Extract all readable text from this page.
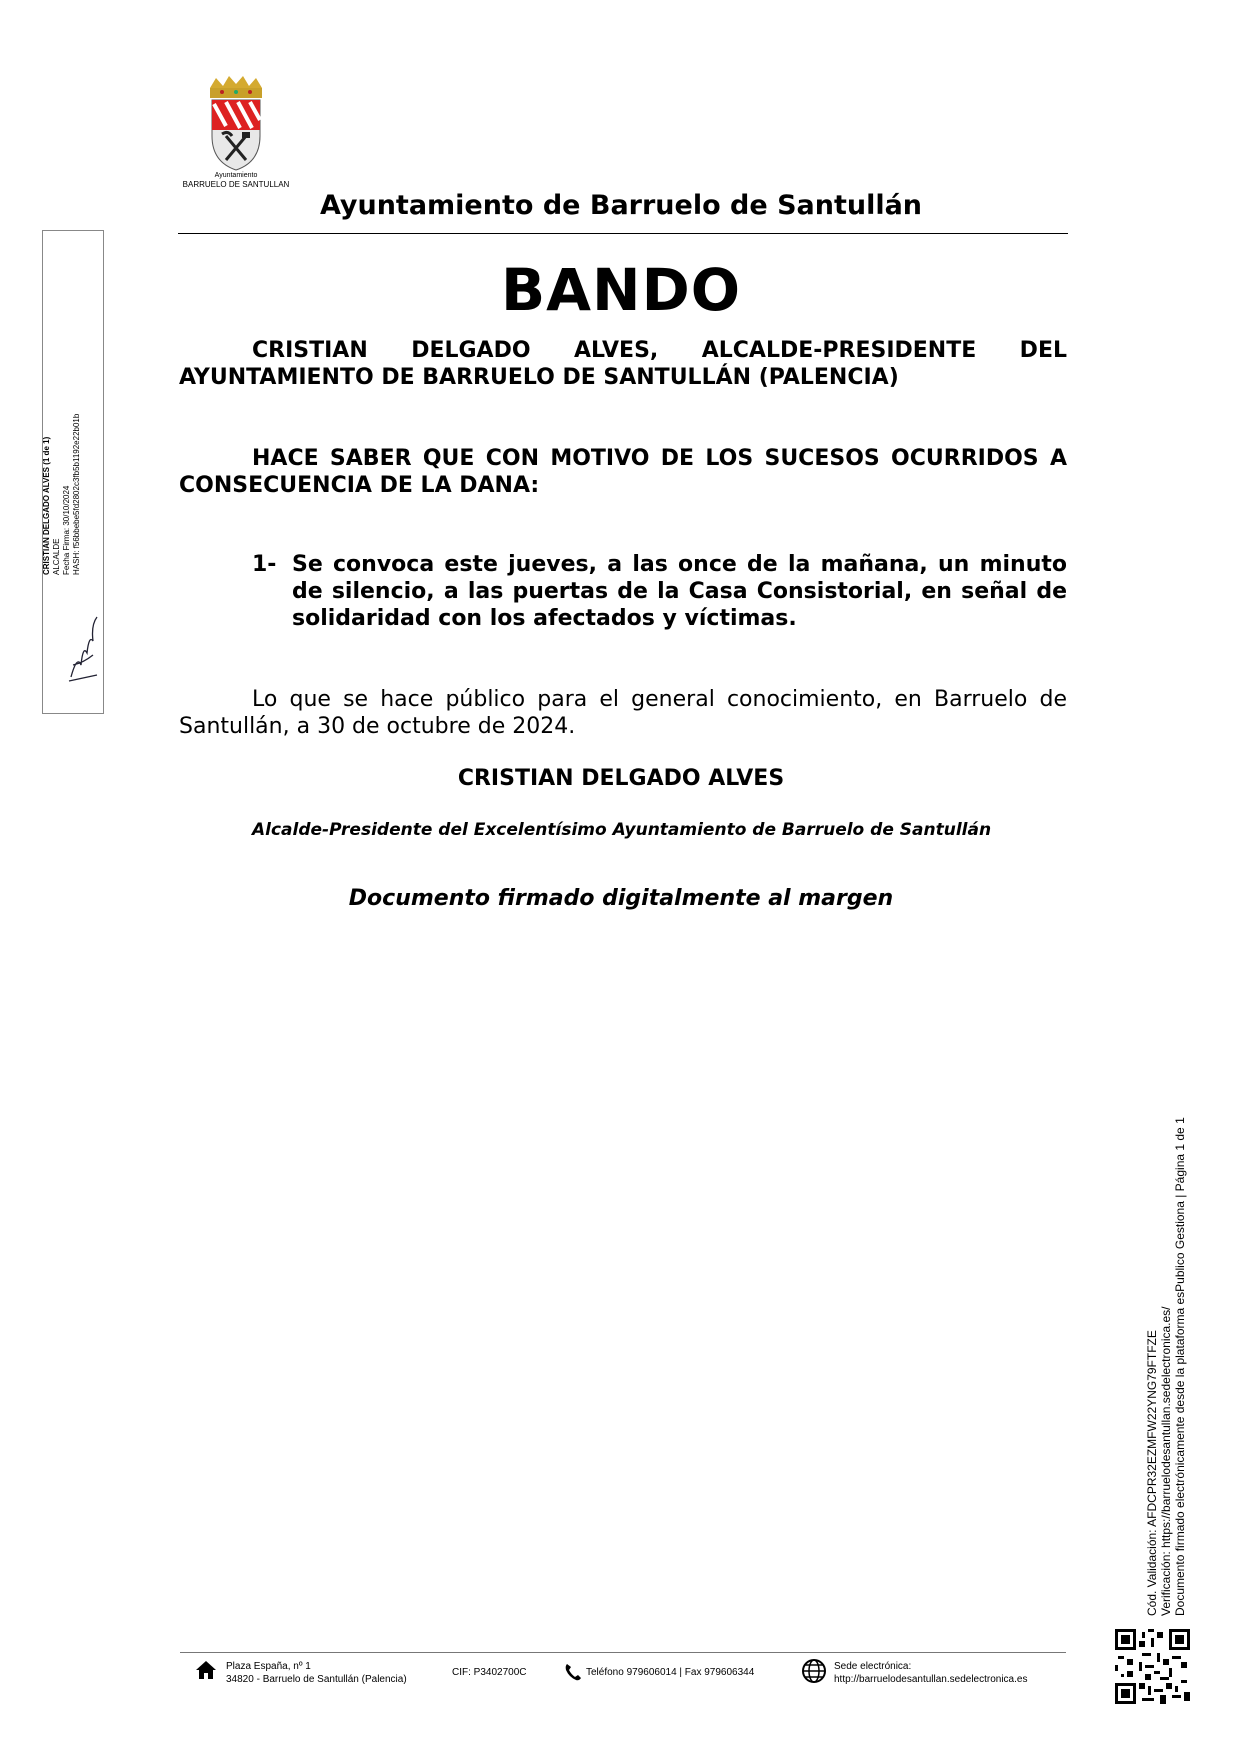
Ayuntamiento
BARRUELO DE SANTULLAN
Ayuntamiento de Barruelo de Santullán
BANDO
CRISTIAN DELGADO ALVES, ALCALDE-PRESIDENTE DEL AYUNTAMIENTO DE BARRUELO DE SANTULLÁN (PALENCIA)
HACE SABER QUE CON MOTIVO DE LOS SUCESOS OCURRIDOS A CONSECUENCIA DE LA DANA:
1- Se convoca este jueves, a las once de la mañana, un minuto de silencio, a las puertas de la Casa Consistorial, en señal de solidaridad con los afectados y víctimas.
Lo que se hace público para el general conocimiento, en Barruelo de Santullán, a 30 de octubre de 2024.
CRISTIAN DELGADO ALVES
Alcalde-Presidente del Excelentísimo Ayuntamiento de Barruelo de Santullán
Documento firmado digitalmente al margen
CRISTIAN DELGADO ALVES (1 de 1) ALCALDE Fecha Firma: 30/10/2024 HASH: f56bbebe5fd2802c3fb5b1192e22b01b
Cód. Validación: AFDCPR32EZMFW22YNG79FTFZE Verificación: https://barruelodesantullan.sedelectronica.es/ Documento firmado electrónicamente desde la plataforma esPublico Gestiona | Página 1 de 1
Plaza España, nº 1
34820 - Barruelo de Santullán (Palencia)
CIF: P3402700C	Teléfono 979606014 | Fax 979606344
Sede electrónica:
http://barruelodesantullan.sedelectronica.es
